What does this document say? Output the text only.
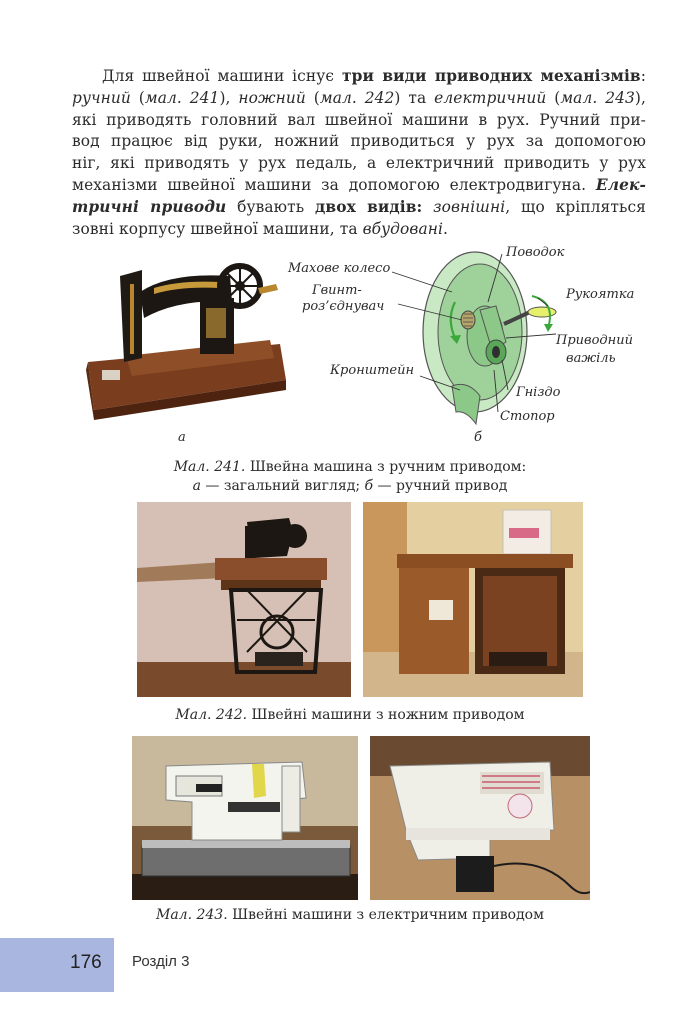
Для швейної машини існує три види приводних механізмів:
ручний (мал. 241), ножний (мал. 242) та електричний (мал. 243),
які приводять головний вал швейної машини в рух. Ручний при-
вод працює від руки, ножний приводиться у рух за допомогою
ніг, які приводять у рух педаль, а електричний приводить у рух
механізми швейної машини за допомогою електродвигуна. Елек-
тричні приводи бувають двох видів: зовнішні, що кріпляться
зовні корпусу швейної машини, та вбудовані.
а
Махове колесо
Гвинт-
роз’єднувач
Поводок
Рукоятка
Приводний
важіль
Кронштейн
Гніздо
Стопор
б
Мал. 241. Швейна машина з ручним приводом:
а — загальний вигляд; б — ручний привод
Мал. 242. Швейні машини з ножним приводом
Мал. 243. Швейні машини з електричним приводом
176 Розділ 3
